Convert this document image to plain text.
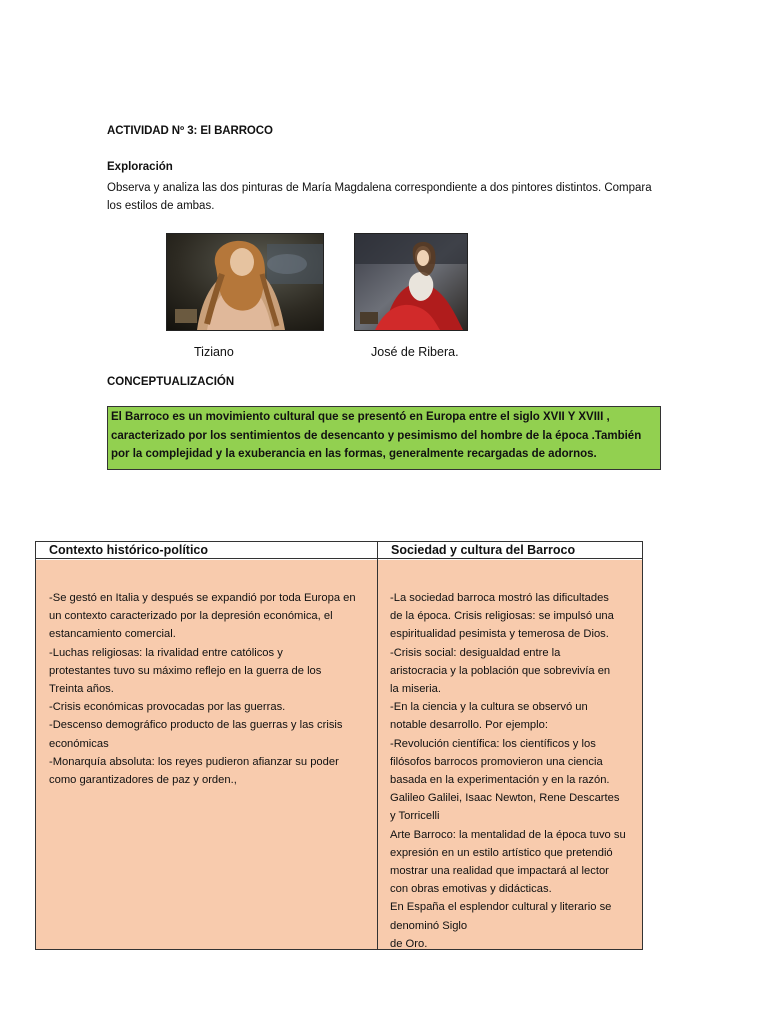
ACTIVIDAD Nº 3: El BARROCO
Exploración
Observa y analiza las dos pinturas de María Magdalena correspondiente a dos pintores distintos. Compara los estilos de ambas.
Tiziano	José de Ribera.
CONCEPTUALIZACIÓN
El Barroco es un movimiento cultural que se presentó en Europa entre el siglo XVII Y XVIII , caracterizado por los sentimientos de desencanto y pesimismo del hombre de la época .También por la complejidad y la exuberancia en las formas, generalmente recargadas de adornos.
Contexto histórico-político	Sociedad y cultura del Barroco
-Se gestó en Italia y después se expandió por toda Europa en
un contexto caracterizado por la depresión económica, el
estancamiento comercial.
-Luchas religiosas: la rivalidad entre católicos y
protestantes tuvo su máximo reflejo en la guerra de los
Treinta años.
-Crisis económicas provocadas por las guerras.
-Descenso demográfico producto de las guerras y las crisis
económicas
-Monarquía absoluta: los reyes pudieron afianzar su poder
como garantizadores de paz y orden.,
-La sociedad barroca mostró las dificultades
de la época. Crisis religiosas: se impulsó una
espiritualidad pesimista y temerosa de Dios.
-Crisis social: desigualdad entre la
aristocracia y la población que sobrevivía en
la miseria.
-En la ciencia y la cultura se observó un
notable desarrollo. Por ejemplo:
-Revolución científica: los científicos y los
filósofos barrocos promovieron una ciencia
basada en la experimentación y en la razón.
Galileo Galilei, Isaac Newton, Rene Descartes
y Torricelli
Arte Barroco: la mentalidad de la época tuvo su
expresión en un estilo artístico que pretendió
mostrar una realidad que impactará al lector
con obras emotivas y didácticas.
En España el esplendor cultural y literario se
denominó Siglo
de Oro.
